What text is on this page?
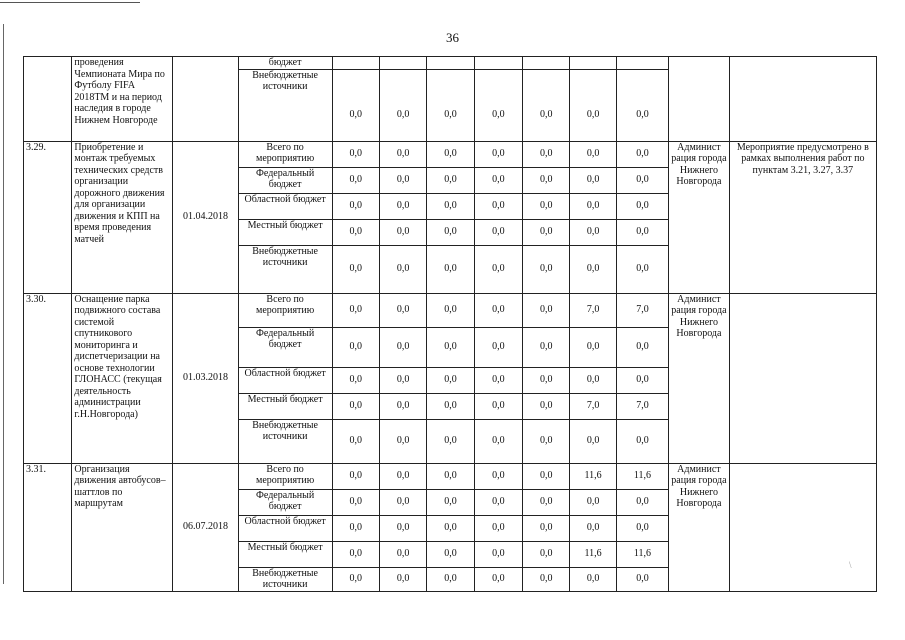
36
	проведения Чемпионата Мира по Футболу FIFA 2018ТМ и на период наследия в городе Нижнем Новгороде		бюджет									
			Внебюджетные источники	0,0	0,0	0,0	0,0	0,0	0,0	0,0		
3.29.	Приобретение и монтаж требуемых технических средств организации дорожного движения для организации движения и КПП на время проведения матчей	01.04.2018	Всего по мероприятию	0,0	0,0	0,0	0,0	0,0	0,0	0,0	Админист рация города Нижнего Новгорода	Мероприятие предусмотрено в рамках выполнения работ по пунктам 3.21, 3.27, 3.37
			Федеральный бюджет	0,0	0,0	0,0	0,0	0,0	0,0	0,0		
			Областной бюджет	0,0	0,0	0,0	0,0	0,0	0,0	0,0		
			Местный бюджет	0,0	0,0	0,0	0,0	0,0	0,0	0,0		
			Внебюджетные источники	0,0	0,0	0,0	0,0	0,0	0,0	0,0		
3.30.	Оснащение парка подвижного состава системой спутникового мониторинга и диспетчеризации на основе технологии ГЛОНАСС (текущая деятельность администрации г.Н.Новгорода)	01.03.2018	Всего по мероприятию	0,0	0,0	0,0	0,0	0,0	7,0	7,0	Админист рация города Нижнего Новгорода	
			Федеральный бюджет	0,0	0,0	0,0	0,0	0,0	0,0	0,0		
			Областной бюджет	0,0	0,0	0,0	0,0	0,0	0,0	0,0		
			Местный бюджет	0,0	0,0	0,0	0,0	0,0	7,0	7,0		
			Внебюджетные источники	0,0	0,0	0,0	0,0	0,0	0,0	0,0		
3.31.	Организация движения автобусов–шаттлов по маршрутам	06.07.2018	Всего по мероприятию	0,0	0,0	0,0	0,0	0,0	11,6	11,6	Админист рация города Нижнего Новгорода	
			Федеральный бюджет	0,0	0,0	0,0	0,0	0,0	0,0	0,0		
			Областной бюджет	0,0	0,0	0,0	0,0	0,0	0,0	0,0		
			Местный бюджет	0,0	0,0	0,0	0,0	0,0	11,6	11,6		
			Внебюджетные источники	0,0	0,0	0,0	0,0	0,0	0,0	0,0		
\
